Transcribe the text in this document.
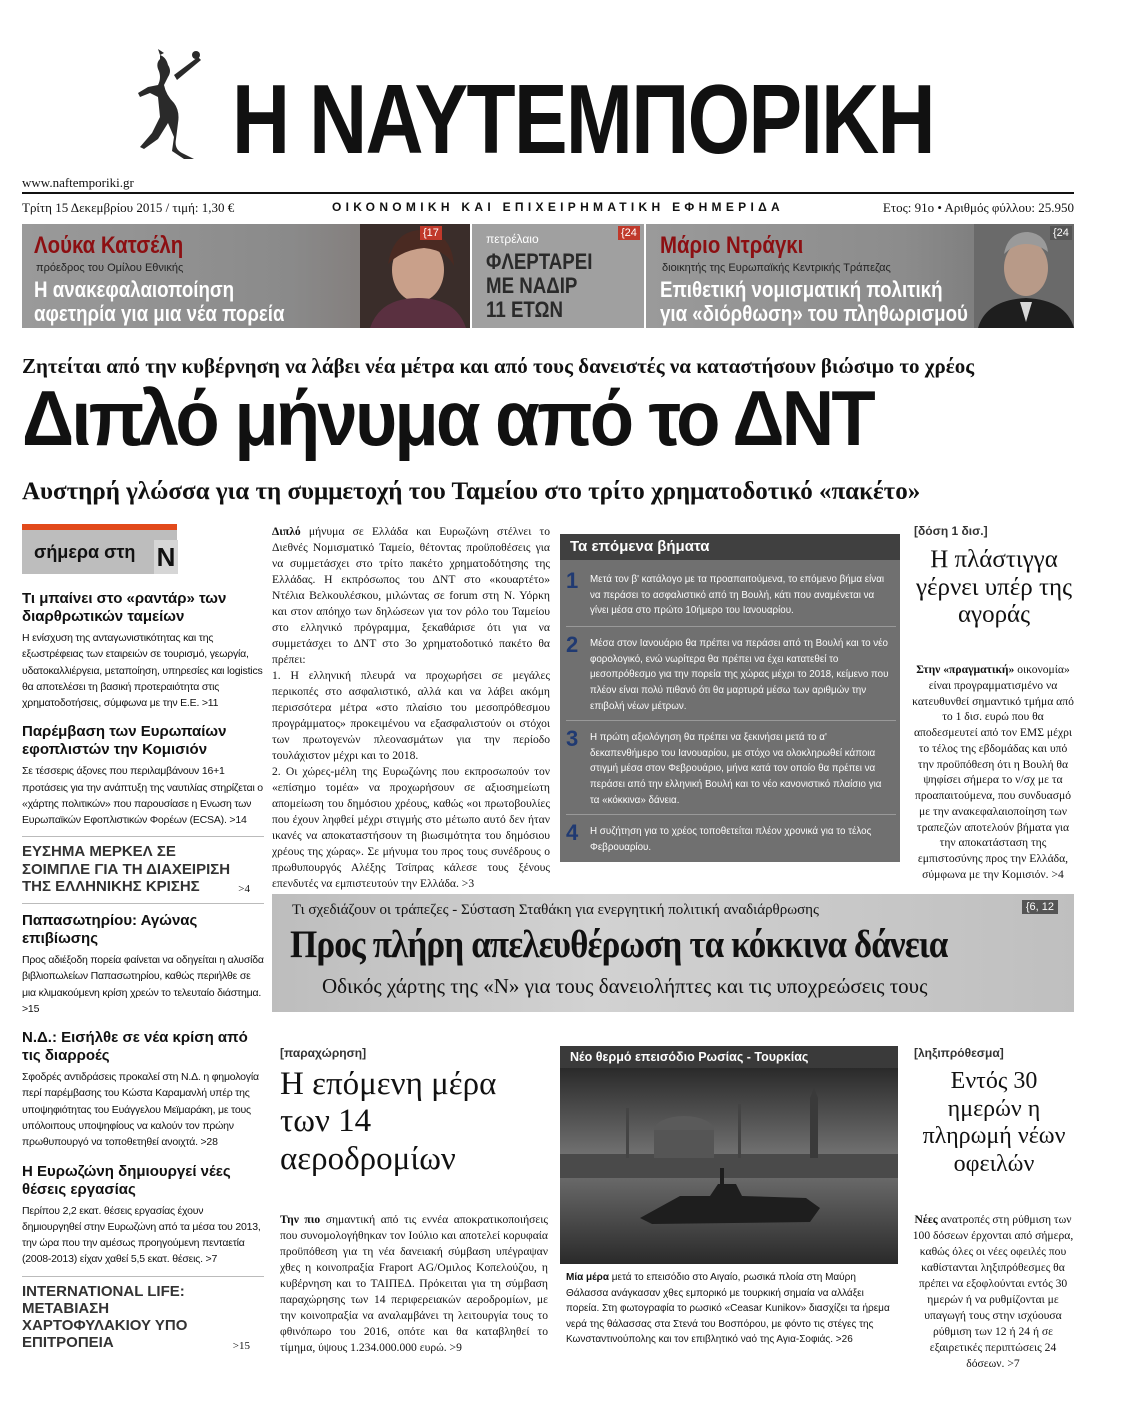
Η ΝΑΥΤΕΜΠΟΡΙΚΗ
www.naftemporiki.gr
Τρίτη 15 Δεκεμβρίου 2015 / τιμή: 1,30 €	ΟΙΚΟΝΟΜΙΚΗ ΚΑΙ ΕΠΙΧΕΙΡΗΜΑΤΙΚΗ ΕΦΗΜΕΡΙΔΑ	Ετος: 91ο • Αριθμός φύλλου: 25.950
Λούκα Κατσέλη
πρόεδρος του Ομίλου Εθνικής
Η ανακεφαλαιοποίηση
αφετηρία για μια νέα πορεία
{17	πετρέλαιο
ΦΛΕΡΤΑΡΕΙ
ΜΕ ΝΑΔΙΡ
11 ΕΤΩΝ
{24 Μάριο Ντράγκι
διοικητής της Ευρωπαϊκής Κεντρικής Τράπεζας
Επιθετική νομισματική πολιτική
για «διόρθωση» του πληθωρισμού
{24
Ζητείται από την κυβέρνηση να λάβει νέα μέτρα και από τους δανειστές να καταστήσουν βιώσιμο το χρέος
Διπλό μήνυμα από το ΔΝΤ
Αυστηρή γλώσσα για τη συμμετοχή του Ταμείου στο τρίτο χρηματοδοτικό «πακέτο»
σήμερα στη N
Τι μπαίνει στο «ραντάρ» των διαρθρωτικών ταμείων
Η ενίσχυση της ανταγωνιστικότητας και της εξωστρέφειας των εταιρειών σε τουρισμό, γεωργία, υδατοκαλλιέργεια, μεταποίηση, υπηρεσίες και logistics θα αποτελέσει τη βασική προτεραιότητα στις χρηματοδοτήσεις, σύμφωνα με την Ε.Ε. >11
Παρέμβαση των Ευρωπαίων εφοπλιστών την Κομισιόν
Σε τέσσερις άξονες που περιλαμβάνουν 16+1 προτάσεις για την ανάπτυξη της ναυτιλίας στηρίζεται ο «χάρτης πολιτικών» που παρουσίασε η Ενωση των Ευρωπαϊκών Εφοπλιστικών Φορέων (ECSA). >14
ΕΥΣΗΜΑ ΜΕΡΚΕΛ ΣΕ ΣΟΙΜΠΛΕ ΓΙΑ ΤΗ ΔΙΑΧΕΙΡΙΣΗ ΤΗΣ ΕΛΛΗΝΙΚΗΣ ΚΡΙΣΗΣ	>4
Παπασωτηρίου: Αγώνας επιβίωσης
Προς αδιέξοδη πορεία φαίνεται να οδηγείται η αλυσίδα βιβλιοπωλείων Παπασωτηρίου, καθώς περιήλθε σε μια κλιμακούμενη κρίση χρεών το τελευταίο διάστημα. >15
Ν.Δ.: Εισήλθε σε νέα κρίση από τις διαρροές
Σφοδρές αντιδράσεις προκαλεί στη Ν.Δ. η φημολογία περί παρέμβασης του Κώστα Καραμανλή υπέρ της υποψηφιότητας του Ευάγγελου Μεϊμαράκη, με τους υπόλοιπους υποψηφίους να καλούν τον πρώην πρωθυπουργό να τοποθετηθεί ανοιχτά. >28
Η Ευρωζώνη δημιουργεί νέες θέσεις εργασίας
Περίπου 2,2 εκατ. θέσεις εργασίας έχουν δημιουργηθεί στην Ευρωζώνη από τα μέσα του 2013, την ώρα που την αμέσως προηγούμενη πενταετία (2008-2013) είχαν χαθεί 5,5 εκατ. θέσεις. >7
INTERNATIONAL LIFE: ΜΕΤΑΒΙΑΣΗ ΧΑΡΤΟΦΥΛΑΚΙΟΥ ΥΠΟ ΕΠΙΤΡΟΠΕΙΑ	>15

Διπλό μήνυμα σε Ελλάδα και Ευρωζώνη στέλνει το Διεθνές Νομισματικό Ταμείο, θέτοντας προϋποθέσεις για να συμμετάσχει στο τρίτο πακέτο χρηματοδότησης της Ελλάδας. Η εκπρόσωπος του ΔΝΤ στο «κουαρτέτο» Ντέλια Βελκουλέσκου, μιλώντας σε forum στη Ν. Υόρκη και στον απόηχο των δηλώσεων για τον ρόλο του Ταμείου στο ελληνικό πρόγραμμα, ξεκαθάρισε ότι για να συμμετάσχει το ΔΝΤ στο 3ο χρηματοδοτικό πακέτο θα πρέπει:

1. Η ελληνική πλευρά να προχωρήσει σε μεγάλες περικοπές στο ασφαλιστικό, αλλά και να λάβει ακόμη περισσότερα μέτρα «στο πλαίσιο του μεσοπρόθεσμου προγράμματος» προκειμένου να εξασφαλιστούν οι στόχοι των πρωτογενών πλεονασμάτων για την περίοδο τουλάχιστον μέχρι και το 2018.

2. Οι χώρες-μέλη της Ευρωζώνης που εκπροσωπούν τον «επίσημο τομέα» να προχωρήσουν σε αξιοσημείωτη απομείωση του δημόσιου χρέους, καθώς «οι πρωτοβουλίες που έχουν ληφθεί μέχρι στιγμής στο μέτωπο αυτό δεν ήταν ικανές να αποκαταστήσουν τη βιωσιμότητα του δημόσιου χρέους της χώρας». Σε μήνυμα του προς τους συνέδρους ο πρωθυπουργός Αλέξης Τσίπρας κάλεσε τους ξένους επενδυτές να εμπιστευτούν την Ελλάδα. >3

Τα επόμενα βήματα
1 Μετά τον β' κατάλογο με τα προαπαιτούμενα, το επόμενο βήμα είναι να περάσει το ασφαλιστικό από τη Βουλή, κάτι που αναμένεται να γίνει μέσα στο πρώτο 10ήμερο του Ιανουαρίου.
2 Μέσα στον Ιανουάριο θα πρέπει να περάσει από τη Βουλή και το νέο φορολογικό, ενώ νωρίτερα θα πρέπει να έχει κατατεθεί το μεσοπρόθεσμο για την πορεία της χώρας μέχρι το 2018, κείμενο που πλέον είναι πολύ πιθανό ότι θα μαρτυρά μέσω των αριθμών την επιβολή νέων μέτρων.
3 Η πρώτη αξιολόγηση θα πρέπει να ξεκινήσει μετά το α' δεκαπενθήμερο του Ιανουαρίου, με στόχο να ολοκληρωθεί κάποια στιγμή μέσα στον Φεβρουάριο, μήνα κατά τον οποίο θα πρέπει να περάσει από την ελληνική Βουλή και το νέο κανονιστικό πλαίσιο για τα «κόκκινα» δάνεια.
4 Η συζήτηση για το χρέος τοποθετείται πλέον χρονικά για το τέλος Φεβρουαρίου.
[δόση 1 δισ.]
Η πλάστιγγα γέρνει υπέρ της αγοράς
Στην «πραγματική» οικονομία» είναι προγραμματισμένο να κατευθυνθεί σημαντικό τμήμα από το 1 δισ. ευρώ που θα αποδεσμευτεί από τον ΕΜΣ μέχρι το τέλος της εβδομάδας και υπό την προϋπόθεση ότι η Βουλή θα ψηφίσει σήμερα το ν/σχ με τα προαπαιτούμενα, που συνδυασμό με την ανακεφαλαιοποίηση των τραπεζών αποτελούν βήματα για την αποκατάσταση της εμπιστοσύνης προς την Ελλάδα, σύμφωνα με την Κομισιόν. >4
Τι σχεδιάζουν οι τράπεζες - Σύσταση Σταθάκη για ενεργητική πολιτική αναδιάρθρωσης
Προς πλήρη απελευθέρωση τα κόκκινα δάνεια
Οδικός χάρτης της «Ν» για τους δανειολήπτες και τις υποχρεώσεις τους
{6, 12
[παραχώρηση]
Η επόμενη μέρα των 14 αεροδρομίων
Την πιο σημαντική από τις εννέα αποκρατικοποιήσεις που συνομολογήθηκαν τον Ιούλιο και αποτελεί κορυφαία προϋπόθεση για τη νέα δανειακή σύμβαση υπέγραψαν χθες η κοινοπραξία Fraport AG/Ομιλος Κοπελούζου, η κυβέρνηση και το ΤΑΙΠΕΔ. Πρόκειται για τη σύμβαση παραχώρησης των 14 περιφερειακών αεροδρομίων, με την κοινοπραξία να αναλαμβάνει τη λειτουργία τους το φθινόπωρο του 2016, οπότε και θα καταβληθεί το τίμημα, ύψους 1.234.000.000 ευρώ. >9
Νέο θερμό επεισόδιο Ρωσίας - Τουρκίας
Μία μέρα μετά το επεισόδιο στο Αιγαίο, ρωσικά πλοία στη Μαύρη Θάλασσα ανάγκασαν χθες εμπορικό με τουρκική σημαία να αλλάξει πορεία. Στη φωτογραφία το ρωσικό «Ceasar Kunikov» διασχίζει τα ήρεμα νερά της θάλασσας στα Στενά του Βοσπόρου, με φόντο τις στέγες της Κωνσταντινούπολης και τον επιβλητικό ναό της Αγια-Σοφιάς. >26
[ληξιπρόθεσμα]
Εντός 30 ημερών η πληρωμή νέων οφειλών
Νέες ανατροπές στη ρύθμιση των 100 δόσεων έρχονται από σήμερα, καθώς όλες οι νέες οφειλές που καθίστανται ληξιπρόθεσμες θα πρέπει να εξοφλούνται εντός 30 ημερών ή να ρυθμίζονται με υπαγωγή τους στην ισχύουσα ρύθμιση των 12 ή 24 ή σε εξαιρετικές περιπτώσεις 24 δόσεων. >7
